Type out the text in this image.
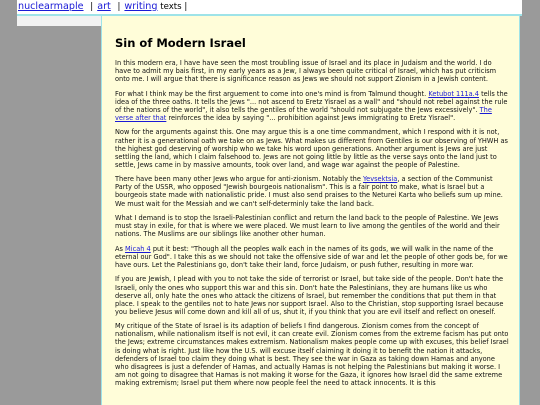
nuclearmaple | art | writing texts |
Sin of Modern Israel

In this modern era, I have have seen the most troubling issue of Israel and its place in Judaism and the world. I do have to admit my bais first, in my early years as a Jew, I always been quite critical of Israel, which has put criticism onto me. I will argue that there is significance reason as Jews we should not support Zionism in a Jewish content.

For what I think may be the first arguement to come into one's mind is from Talmund thought. Ketubot 111a.4 tells the idea of the three oaths. It tells the Jews "... not ascend to Eretz Yisrael as a wall" and "should not rebel against the rule of the nations of the world", it also tells the gentiles of the world "should not subjugate the Jews excessively". The verse after that reinforces the idea by saying "... prohibition against Jews immigrating to Eretz Yisrael".

Now for the arguments against this. One may argue this is a one time commandment, which I respond with it is not, rather it is a generational oath we take on as Jews. What makes us different from Gentiles is our observing of YHWH as the highest god deserving of worship who we take his word upon generations. Another argument is Jews are just settling the land, which I claim falsehood to. Jews are not going little by little as the verse says onto the land just to settle, Jews came in by massive amounts, took over land, and wage war against the people of Palestine.

There have been many other Jews who argue for anti-zionism. Notably the Yevsektsia, a section of the Communist Party of the USSR, who opposed "Jewish bourgeois nationalism". This is a fair point to make, what is Israel but a bourgeois state made with nationalistic pride. I must also send praises to the Neturei Karta who beliefs sum up mine. We must wait for the Messiah and we can't self-determinly take the land back.

What I demand is to stop the Israeli-Palestinian conflict and return the land back to the people of Palestine. We Jews must stay in exile, for that is where we were placed. We must learn to live among the gentiles of the world and their nations. The Muslims are our siblings like another other human.

As Micah 4 put it best: "Though all the peoples walk each in the names of its gods, we will walk in the name of the eternal our God". I take this as we should not take the offensive side of war and let the people of other gods be, for we have ours. Let the Palestinians go, don't take their land, force Judaism, or push futher, resulting in more war.

If you are Jewish, I plead with you to not take the side of terrorist or Israel, but take side of the people. Don't hate the Israeli, only the ones who support this war and this sin. Don't hate the Palestinians, they are humans like us who deserve all, only hate the ones who attack the citizens of Israel, but remember the conditions that put them in that place. I speak to the gentiles not to hate Jews nor support Israel. Also to the Christian, stop supporting Israel because you believe Jesus will come down and kill all of us, shut it, if you think that you are evil itself and reflect on oneself.

My critique of the State of Israel is its adaption of beliefs I find dangerous. Zionism comes from the concept of nationalism, while nationalism itself is not evil, it can create evil. Zionism comes from the extreme facism has put onto the Jews; extreme circumstances makes extremism. Nationalism makes people come up with excuses, this belief Israel is doing what is right. Just like how the U.S. will excuse itself claiming it doing it to benefit the nation it attacks, defenders of Israel too claim they doing what is best. They see the war in Gaza as taking down Hamas and anyone who disagrees is just a defender of Hamas, and actually Hamas is not helping the Palestinians but making it worse. I am not going to disagree that Hamas is not making it worse for the Gaza, it ignores how Israel did the same extreme making extremism; Israel put them where now people feel the need to attack innocents. It is this
